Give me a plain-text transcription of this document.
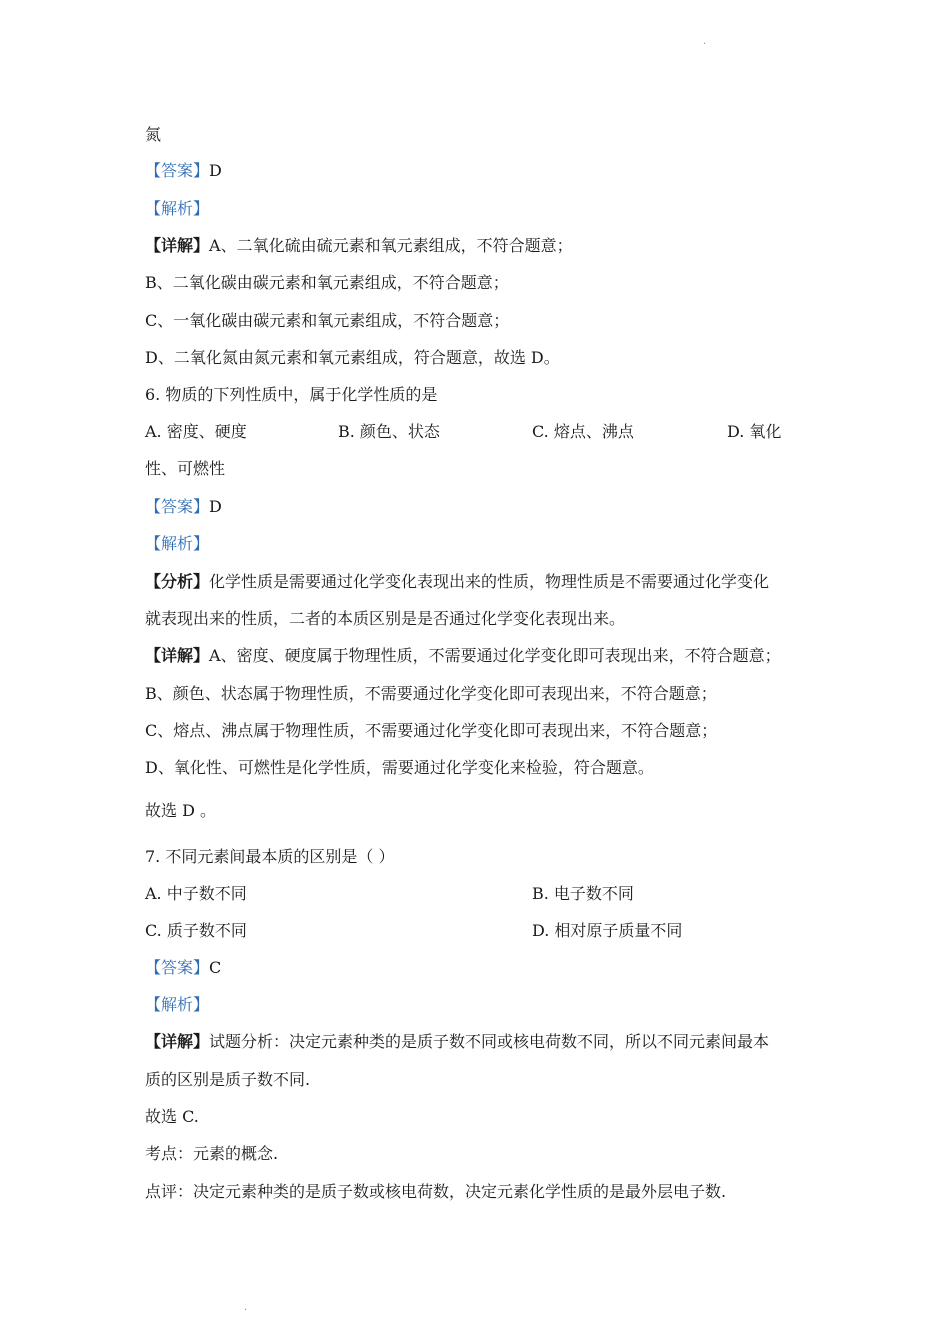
·
氮
【答案】D
【解析】
【详解】A、二氧化硫由硫元素和氧元素组成，不符合题意；
B、二氧化碳由碳元素和氧元素组成，不符合题意；
C、一氧化碳由碳元素和氧元素组成，不符合题意；
D、二氧化氮由氮元素和氧元素组成，符合题意，故选 D。
6. 物质的下列性质中，属于化学性质的是
A. 密度、硬度	B. 颜色、状态	C. 熔点、沸点	D. 氧化
性、可燃性
【答案】D
【解析】
【分析】化学性质是需要通过化学变化表现出来的性质，物理性质是不需要通过化学变化
就表现出来的性质，二者的本质区别是是否通过化学变化表现出来。
【详解】A、密度、硬度属于物理性质，不需要通过化学变化即可表现出来，不符合题意；
B、颜色、状态属于物理性质，不需要通过化学变化即可表现出来，不符合题意；
C、熔点、沸点属于物理性质，不需要通过化学变化即可表现出来，不符合题意；
D、氧化性、可燃性是化学性质，需要通过化学变化来检验，符合题意。
故选 D 。
7. 不同元素间最本质的区别是（ ）
A. 中子数不同	B. 电子数不同
C. 质子数不同	D. 相对原子质量不同
【答案】C
【解析】
【详解】试题分析：决定元素种类的是质子数不同或核电荷数不同，所以不同元素间最本
质的区别是质子数不同.
故选 C.
考点：元素的概念.
点评：决定元素种类的是质子数或核电荷数，决定元素化学性质的是最外层电子数.
·
